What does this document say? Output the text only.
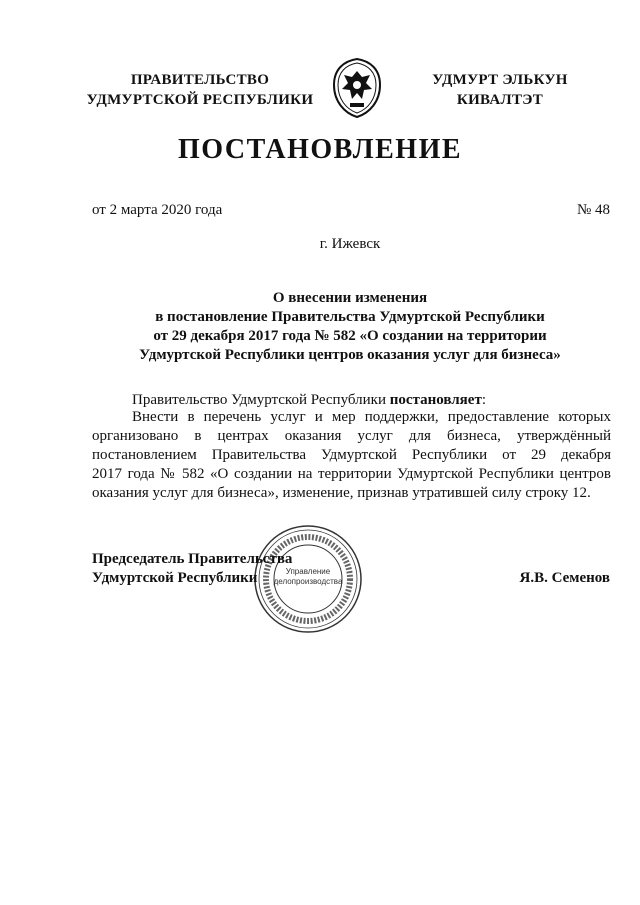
ПРАВИТЕЛЬСТВО
УДМУРТСКОЙ РЕСПУБЛИКИ
УДМУРТ ЭЛЬКУН
КИВАЛТЭТ
ПОСТАНОВЛЕНИЕ
от 2 марта 2020 года	№ 48
г. Ижевск
О внесении изменения
в постановление Правительства Удмуртской Республики
от 29 декабря 2017 года № 582 «О создании на территории
Удмуртской Республики центров оказания услуг для бизнеса»
Правительство Удмуртской Республики постановляет:
Внести в перечень услуг и мер поддержки, предоставление которых
организовано в центрах оказания услуг для бизнеса, утверждённый
постановлением Правительства Удмуртской Республики от 29 декабря
2017 года № 582 «О создании на территории Удмуртской Республики центров
оказания услуг для бизнеса», изменение, признав утратившей силу строку 12.
Управление
делопроизводства
Председатель Правительства
Удмуртской Республики	Я.В. Семенов
